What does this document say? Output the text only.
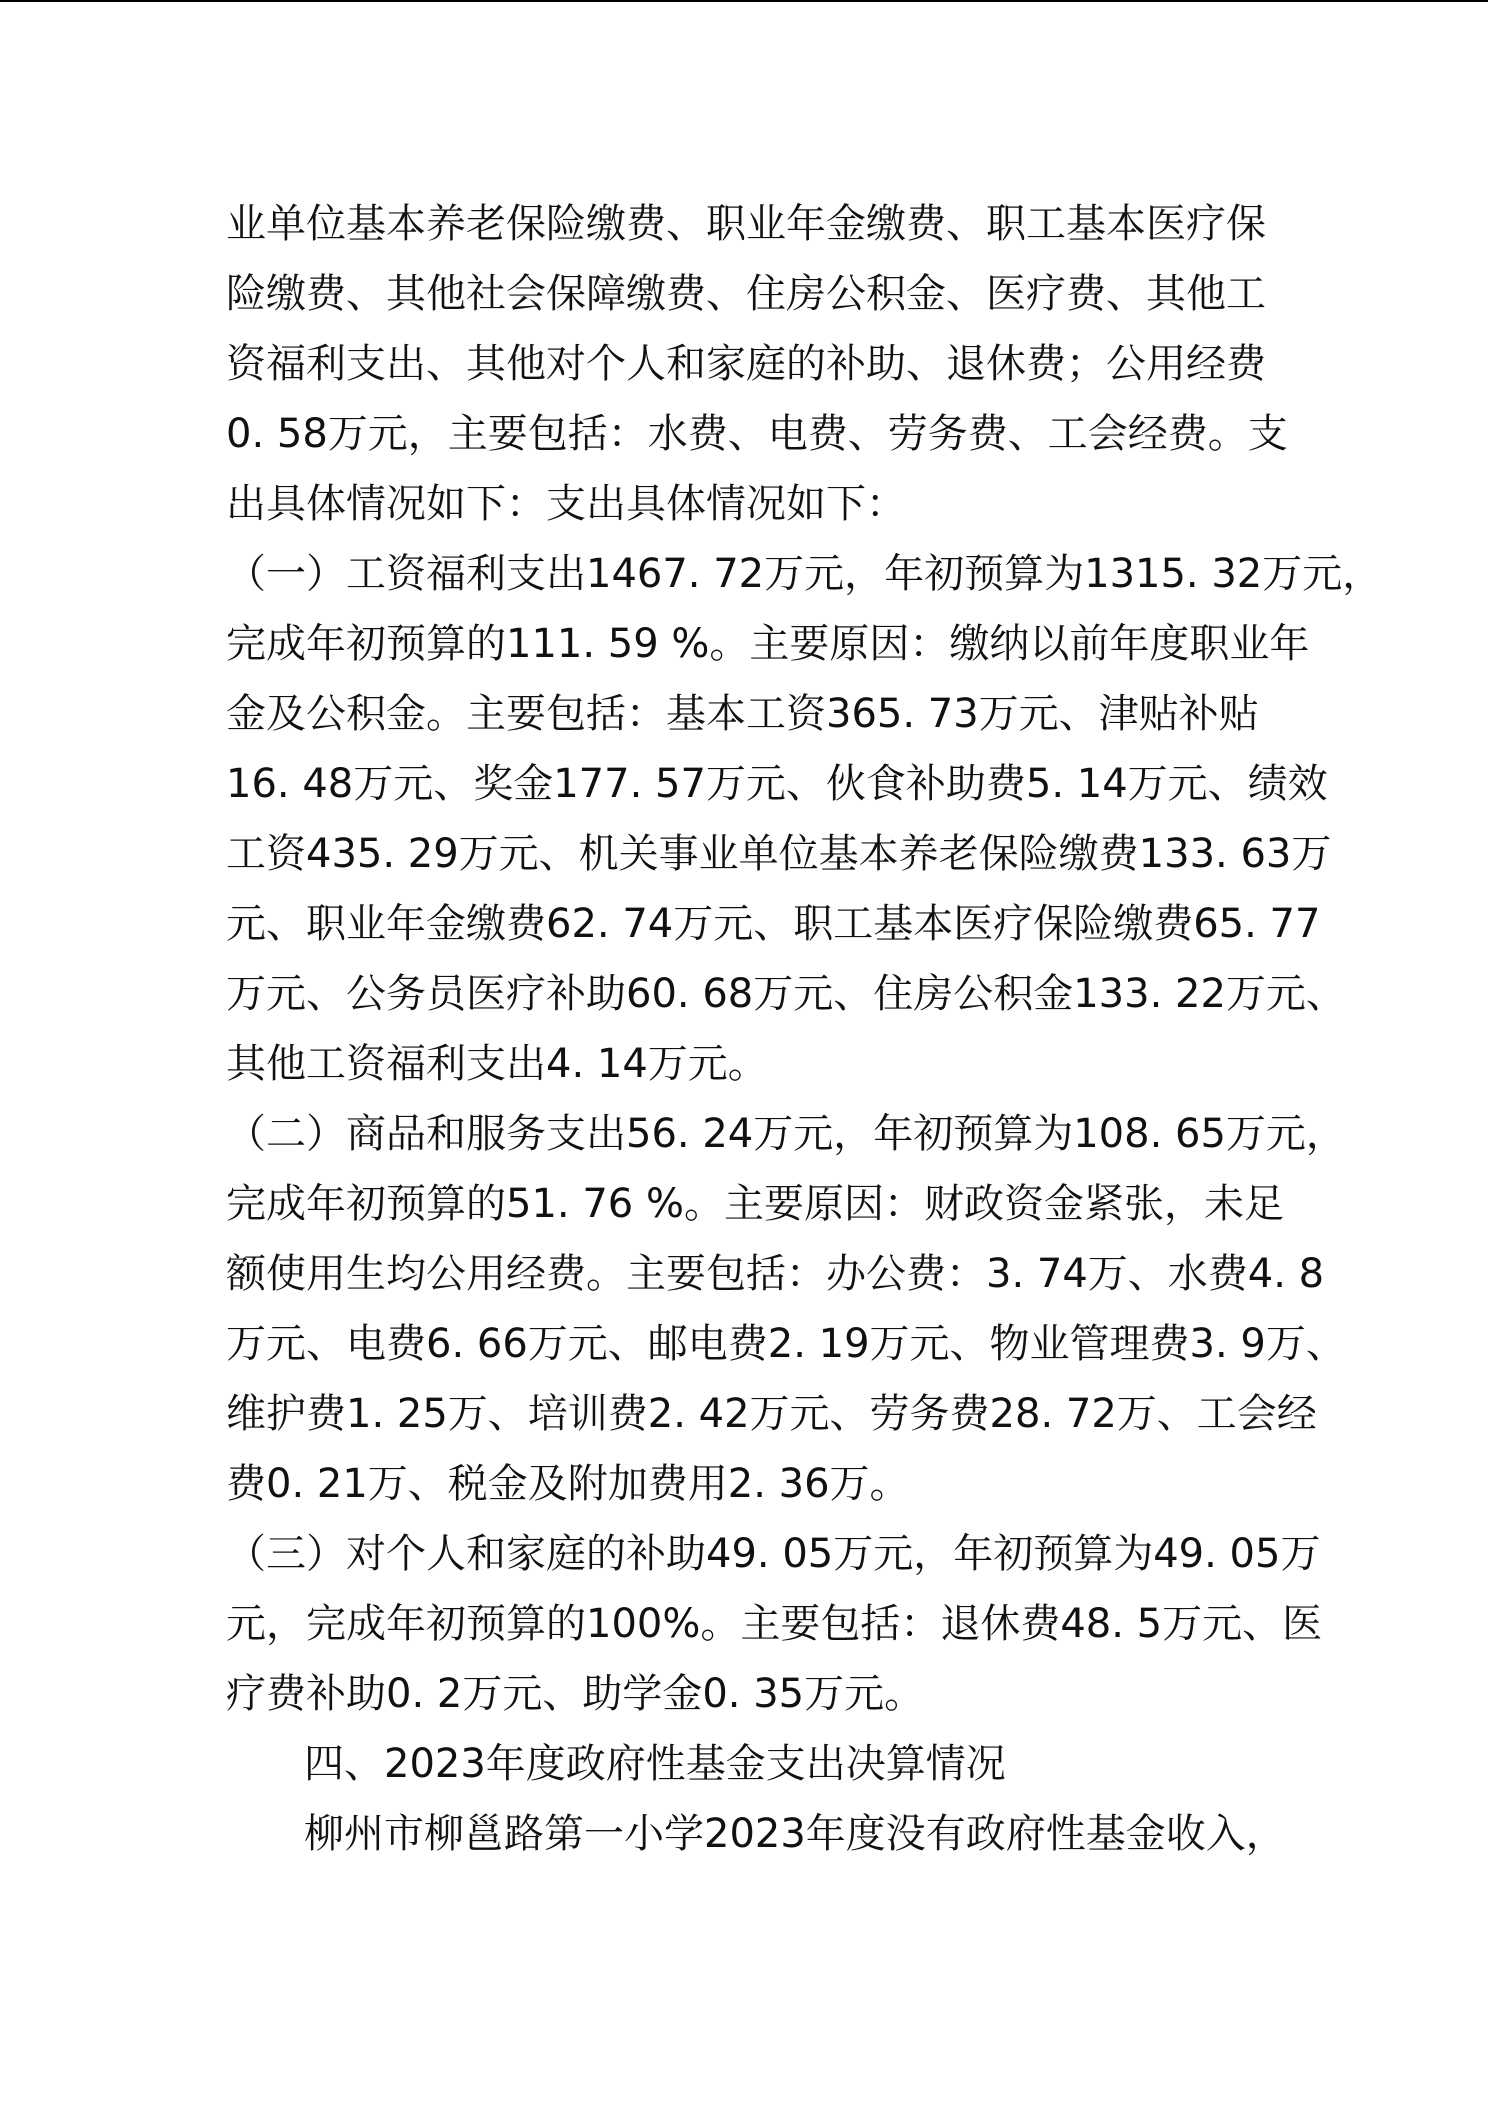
业单位基本养老保险缴费、职业年金缴费、职工基本医疗保
险缴费、其他社会保障缴费、住房公积金、医疗费、其他工
资福利支出、其他对个人和家庭的补助、退休费；公用经费
0. 58万元，主要包括：水费、电费、劳务费、工会经费。支
出具体情况如下：支出具体情况如下：
（一）工资福利支出1467. 72万元，年初预算为1315. 32万元，
完成年初预算的111. 59 %。主要原因：缴纳以前年度职业年
金及公积金。主要包括：基本工资365. 73万元、津贴补贴
16. 48万元、奖金177. 57万元、伙食补助费5. 14万元、绩效
工资435. 29万元、机关事业单位基本养老保险缴费133. 63万
元、职业年金缴费62. 74万元、职工基本医疗保险缴费65. 77
万元、公务员医疗补助60. 68万元、住房公积金133. 22万元、
其他工资福利支出4. 14万元。
（二）商品和服务支出56. 24万元，年初预算为108. 65万元，
完成年初预算的51. 76 %。主要原因：财政资金紧张，未足
额使用生均公用经费。主要包括：办公费：3. 74万、水费4. 8
万元、电费6. 66万元、邮电费2. 19万元、物业管理费3. 9万、
维护费1. 25万、培训费2. 42万元、劳务费28. 72万、工会经
费0. 21万、税金及附加费用2. 36万。
（三）对个人和家庭的补助49. 05万元，年初预算为49. 05万
元，完成年初预算的100%。主要包括：退休费48. 5万元、医
疗费补助0. 2万元、助学金0. 35万元。
四、2023年度政府性基金支出决算情况
柳州市柳邕路第一小学2023年度没有政府性基金收入，
